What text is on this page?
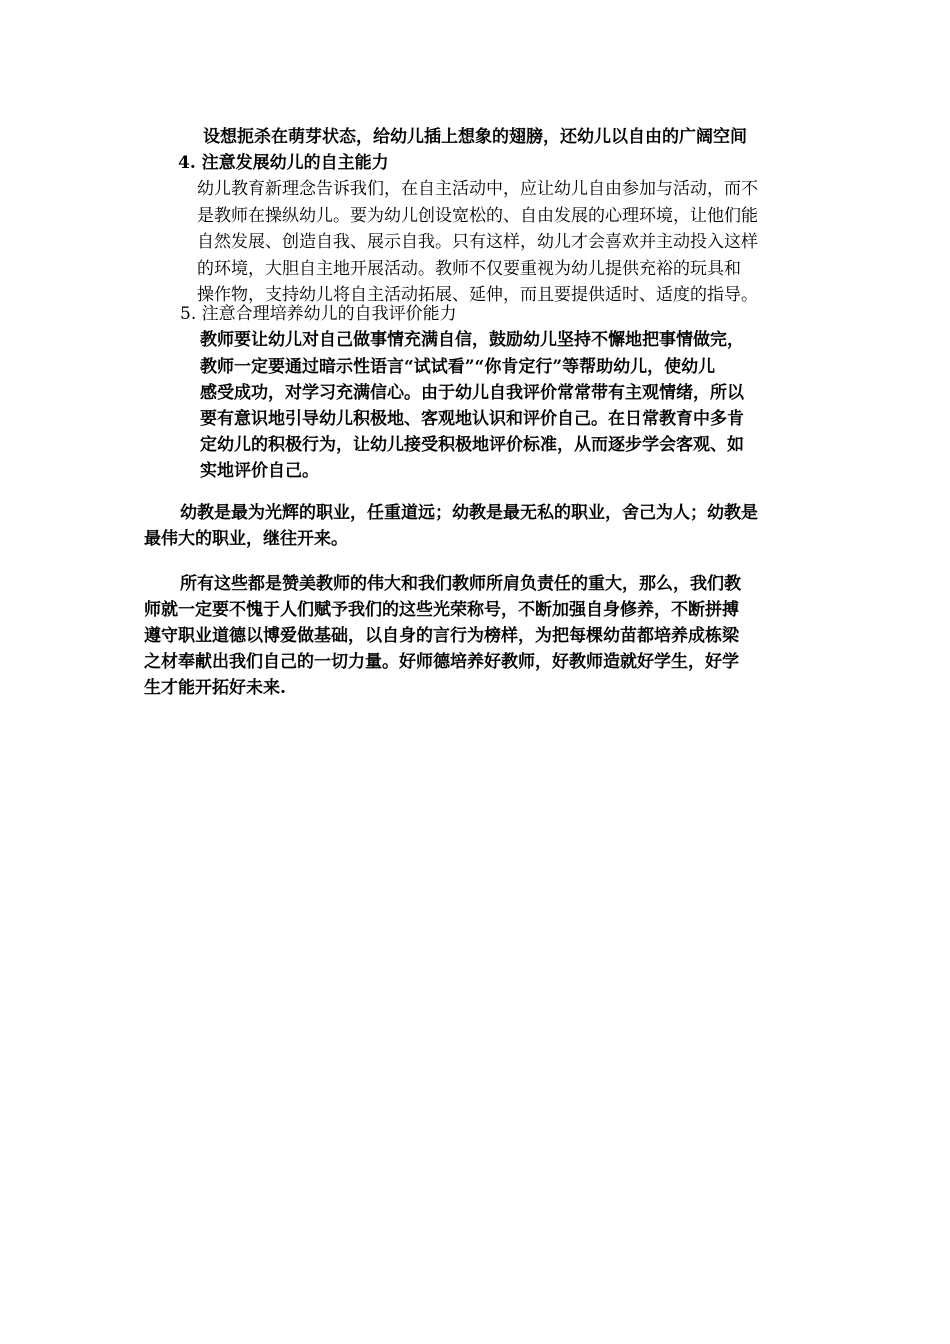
设想扼杀在萌芽状态，给幼儿插上想象的翅膀，还幼儿以自由的广阔空间
4. 注意发展幼儿的自主能力
幼儿教育新理念告诉我们，在自主活动中，应让幼儿自由参加与活动，而不
是教师在操纵幼儿。要为幼儿创设宽松的、自由发展的心理环境，让他们能
自然发展、创造自我、展示自我。只有这样，幼儿才会喜欢并主动投入这样
的环境，大胆自主地开展活动。教师不仅要重视为幼儿提供充裕的玩具和
操作物，支持幼儿将自主活动拓展、延伸，而且要提供适时、适度的指导。
5. 注意合理培养幼儿的自我评价能力
教师要让幼儿对自己做事情充满自信，鼓励幼儿坚持不懈地把事情做完，
教师一定要通过暗示性语言“试试看”“你肯定行”等帮助幼儿，使幼儿
感受成功，对学习充满信心。由于幼儿自我评价常常带有主观情绪，所以
要有意识地引导幼儿积极地、客观地认识和评价自己。在日常教育中多肯
定幼儿的积极行为，让幼儿接受积极地评价标准，从而逐步学会客观、如
实地评价自己。
幼教是最为光辉的职业，任重道远；幼教是最无私的职业，舍己为人；幼教是
最伟大的职业，继往开来。
所有这些都是赞美教师的伟大和我们教师所肩负责任的重大，那么，我们教
师就一定要不愧于人们赋予我们的这些光荣称号，不断加强自身修养，不断拼搏
遵守职业道德以博爱做基础，以自身的言行为榜样，为把每棵幼苗都培养成栋梁
之材奉献出我们自己的一切力量。好师德培养好教师，好教师造就好学生，好学
生才能开拓好未来.
